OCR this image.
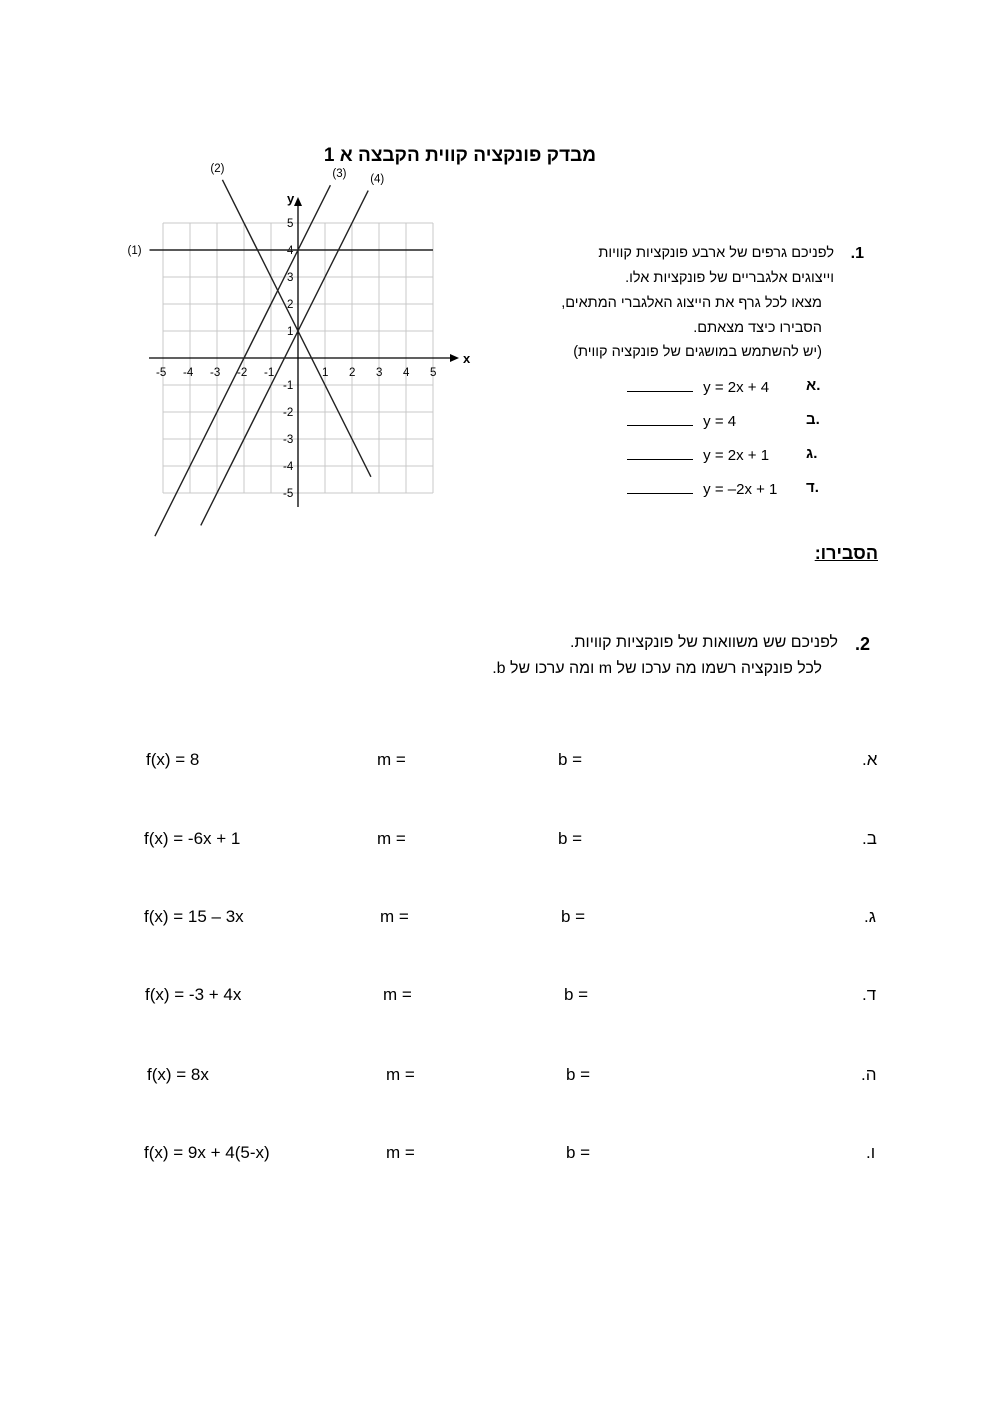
מבדק פונקציה קווית הקבצה א 1
x
y
-5 -4 -3 -2 -1	1 2 3 4 5
5
4
3
2
1
-1
-2
-3
-4
-5
(1)
(2)	(3) (4)
1.
לפניכם גרפים של ארבע פונקציות קוויות
וייצוגים אלגבריים של פונקציות אלו.
מצאו לכל גרף את הייצוג האלגברי המתאים,
הסבירו כיצד מצאתם.
(יש להשתמש במושגים של פונקציה קווית)
y = 2x + 4 א.
y = 4	ב.
y = 2x + 1 ג.
y = –2x + 1 ד.
הסבירו:
2.
לפניכם שש משוואות של פונקציות קוויות.
לכל פונקציה רשמו מה ערכו של m ומה ערכו של b.
f(x) = 8	m =	b =	א.
f(x) = -6x + 1	m =	b =	ב.
f(x) = 15 – 3x	m =	b =	ג.
f(x) = -3 + 4x	m =	b =	ד.
f(x) = 8x	m =	b =	ה.
f(x) = 9x + 4(5-x)	m =	b =	ו.
